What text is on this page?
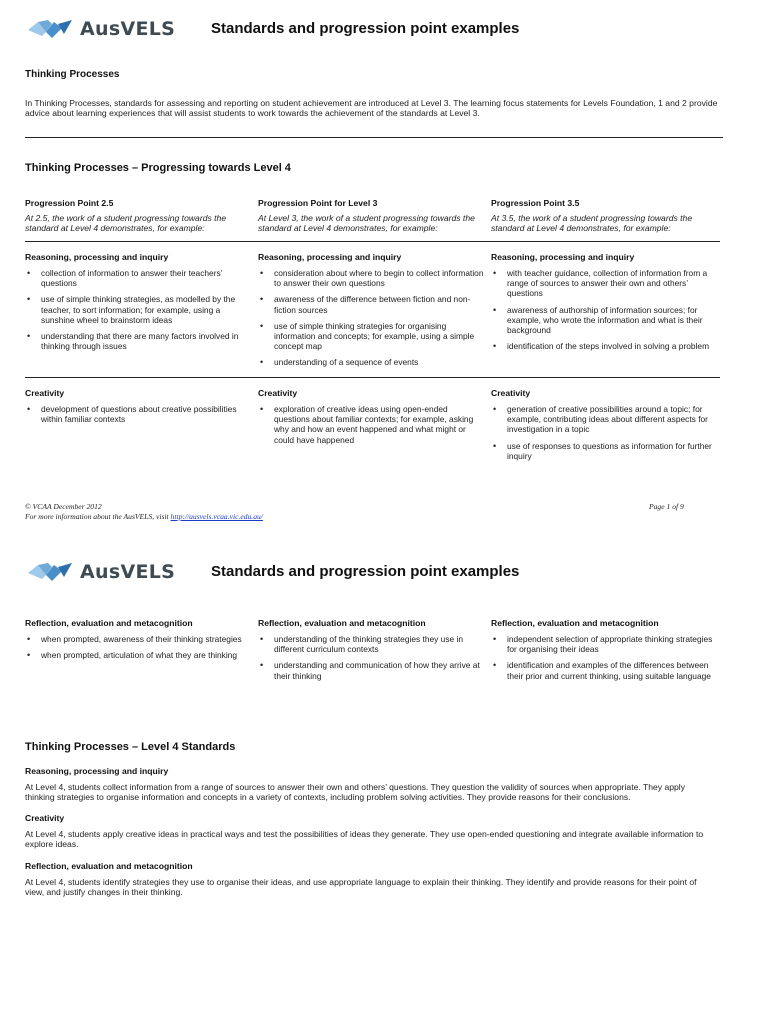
AusVELS Standards and progression point examples
Thinking Processes
In Thinking Processes, standards for assessing and reporting on student achievement are introduced at Level 3. The learning focus statements for Levels Foundation, 1 and 2 provide advice about learning experiences that will assist students to work towards the achievement of the standards at Level 3.
Thinking Processes – Progressing towards Level 4
Progression Point 2.5
At 2.5, the work of a student progressing towards the standard at Level 4 demonstrates, for example:
Progression Point for Level 3
At Level 3, the work of a student progressing towards the standard at Level 4 demonstrates, for example:
Progression Point 3.5
At 3.5, the work of a student progressing towards the standard at Level 4 demonstrates, for example:
Reasoning, processing and inquiry
• collection of information to answer their teachers’ questions
• use of simple thinking strategies, as modelled by the teacher, to sort information; for example, using a sunshine wheel to brainstorm ideas
• understanding that there are many factors involved in thinking through issues
Reasoning, processing and inquiry
• consideration about where to begin to collect information to answer their own questions
• awareness of the difference between fiction and non-fiction sources
• use of simple thinking strategies for organising information and concepts; for example, using a simple concept map
• understanding of a sequence of events
Reasoning, processing and inquiry
• with teacher guidance, collection of information from a range of sources to answer their own and others’ questions
• awareness of authorship of information sources; for example, who wrote the information and what is their background
• identification of the steps involved in solving a problem
Creativity
• development of questions about creative possibilities within familiar contexts
Creativity
• exploration of creative ideas using open-ended questions about familiar contexts; for example, asking why and how an event happened and what might or could have happened
Creativity
• generation of creative possibilities around a topic; for example, contributing ideas about different aspects for investigation in a topic
• use of responses to questions as information for further inquiry
© VCAA December 2012
For more information about the AusVELS, visit http://ausvels.vcaa.vic.edu.au/
Page 1 of 9
AusVELS Standards and progression point examples
Reflection, evaluation and metacognition
• when prompted, awareness of their thinking strategies
• when prompted, articulation of what they are thinking
Reflection, evaluation and metacognition
• understanding of the thinking strategies they use in different curriculum contexts
• understanding and communication of how they arrive at their thinking
Reflection, evaluation and metacognition
• independent selection of appropriate thinking strategies for organising their ideas
• identification and examples of the differences between their prior and current thinking, using suitable language
Thinking Processes – Level 4 Standards
Reasoning, processing and inquiry
At Level 4, students collect information from a range of sources to answer their own and others’ questions. They question the validity of sources when appropriate. They apply thinking strategies to organise information and concepts in a variety of contexts, including problem solving activities. They provide reasons for their conclusions.
Creativity
At Level 4, students apply creative ideas in practical ways and test the possibilities of ideas they generate. They use open-ended questioning and integrate available information to explore ideas.
Reflection, evaluation and metacognition
At Level 4, students identify strategies they use to organise their ideas, and use appropriate language to explain their thinking. They identify and provide reasons for their point of view, and justify changes in their thinking.
